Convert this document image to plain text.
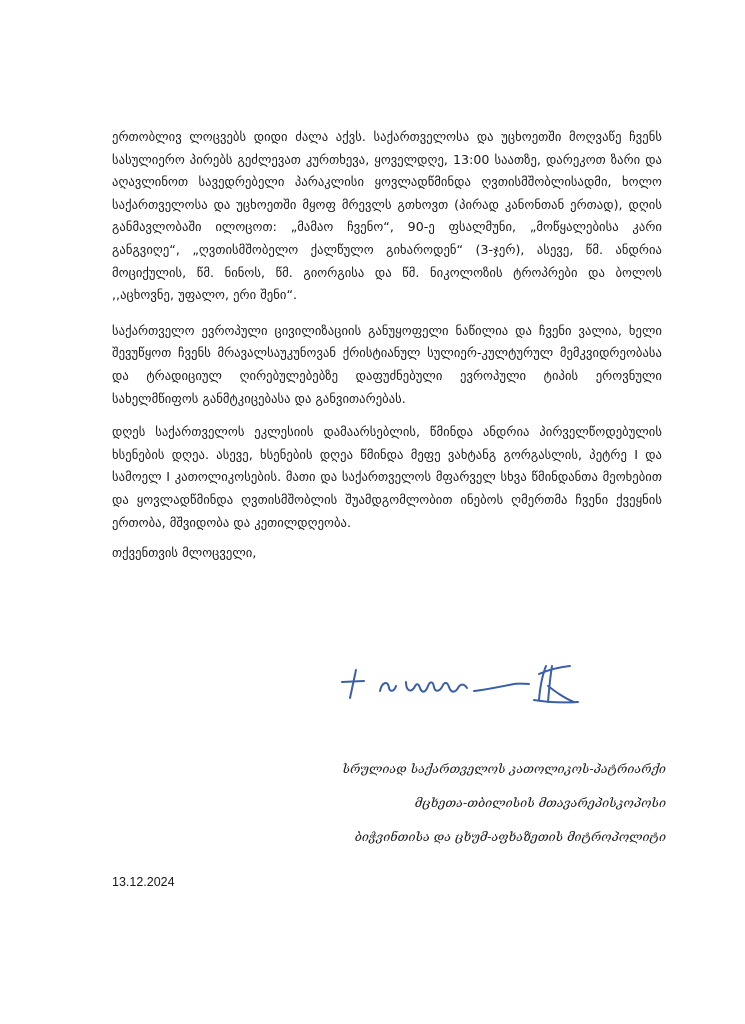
ერთობლივ ლოცვებს დიდი ძალა აქვს. საქართველოსა და უცხოეთში მოღვაწე ჩვენს სასულიერო პირებს გეძლევათ კურთხევა, ყოველდღე, 13:00 საათზე, დარეკოთ ზარი და აღავლინოთ სავედრებელი პარაკლისი ყოვლადწმინდა ღვთისმშობლისადმი, ხოლო საქართველოსა და უცხოეთში მყოფ მრევლს გთხოვთ (პირად კანონთან ერთად), დღის განმავლობაში ილოცოთ: „მამაო ჩვენო“, 90-ე ფსალმუნი, „მოწყალებისა კარი განგვიღე“, „ღვთისმშობელო ქალწულო გიხაროდენ“ (3-ჯერ), ასევე, წმ. ანდრია მოციქულის, წმ. ნინოს, წმ. გიორგისა და წმ. ნიკოლოზის ტროპრები და ბოლოს ,,აცხოვნე, უფალო, ერი შენი“.

საქართველო ევროპული ცივილიზაციის განუყოფელი ნაწილია და ჩვენი ვალია, ხელი შევუწყოთ ჩვენს მრავალსაუკუნოვან ქრისტიანულ სულიერ-კულტურულ მემკვიდრეობასა და ტრადიციულ ღირებულებებზე დაფუძნებული ევროპული ტიპის ეროვნული სახელმწიფოს განმტკიცებასა და განვითარებას.

დღეს საქართველოს ეკლესიის დამაარსებლის, წმინდა ანდრია პირველწოდებულის ხსენების დღეა. ასევე, ხსენების დღეა წმინდა მეფე ვახტანგ გორგასლის, პეტრე I და სამოელ I კათოლიკოსების. მათი და საქართველოს მფარველ სხვა წმინდანთა მეოხებით და ყოვლადწმინდა ღვთისმშობლის შუამდგომლობით ინებოს ღმერთმა ჩვენი ქვეყნის ერთობა, მშვიდობა და კეთილდღეობა.

თქვენთვის მლოცველი,

სრულიად საქართველოს კათოლიკოს-პატრიარქი
მცხეთა-თბილისის მთავარეპისკოპოსი
ბიჭვინთისა და ცხუმ-აფხაზეთის მიტროპოლიტი
13.12.2024
